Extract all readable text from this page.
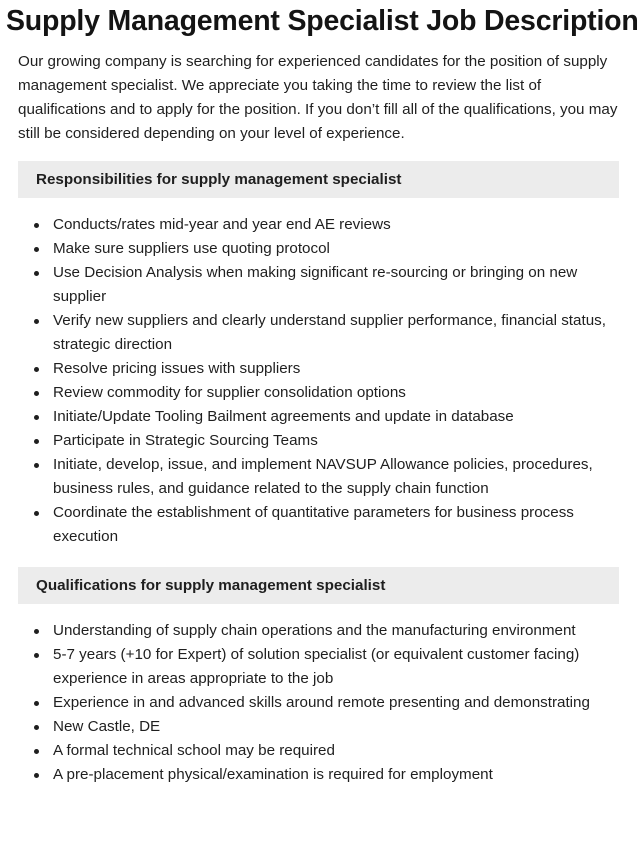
Supply Management Specialist Job Description

Our growing company is searching for experienced candidates for the position of supply management specialist. We appreciate you taking the time to review the list of qualifications and to apply for the position. If you don’t fill all of the qualifications, you may still be considered depending on your level of experience.

Responsibilities for supply management specialist
Conducts/rates mid-year and year end AE reviews
Make sure suppliers use quoting protocol
Use Decision Analysis when making significant re-sourcing or bringing on new supplier
Verify new suppliers and clearly understand supplier performance, financial status, strategic direction
Resolve pricing issues with suppliers
Review commodity for supplier consolidation options
Initiate/Update Tooling Bailment agreements and update in database
Participate in Strategic Sourcing Teams
Initiate, develop, issue, and implement NAVSUP Allowance policies, procedures, business rules, and guidance related to the supply chain function
Coordinate the establishment of quantitative parameters for business process execution
Qualifications for supply management specialist
Understanding of supply chain operations and the manufacturing environment
5-7 years (+10 for Expert) of solution specialist (or equivalent customer facing) experience in areas appropriate to the job
Experience in and advanced skills around remote presenting and demonstrating
New Castle, DE
A formal technical school may be required
A pre-placement physical/examination is required for employment
